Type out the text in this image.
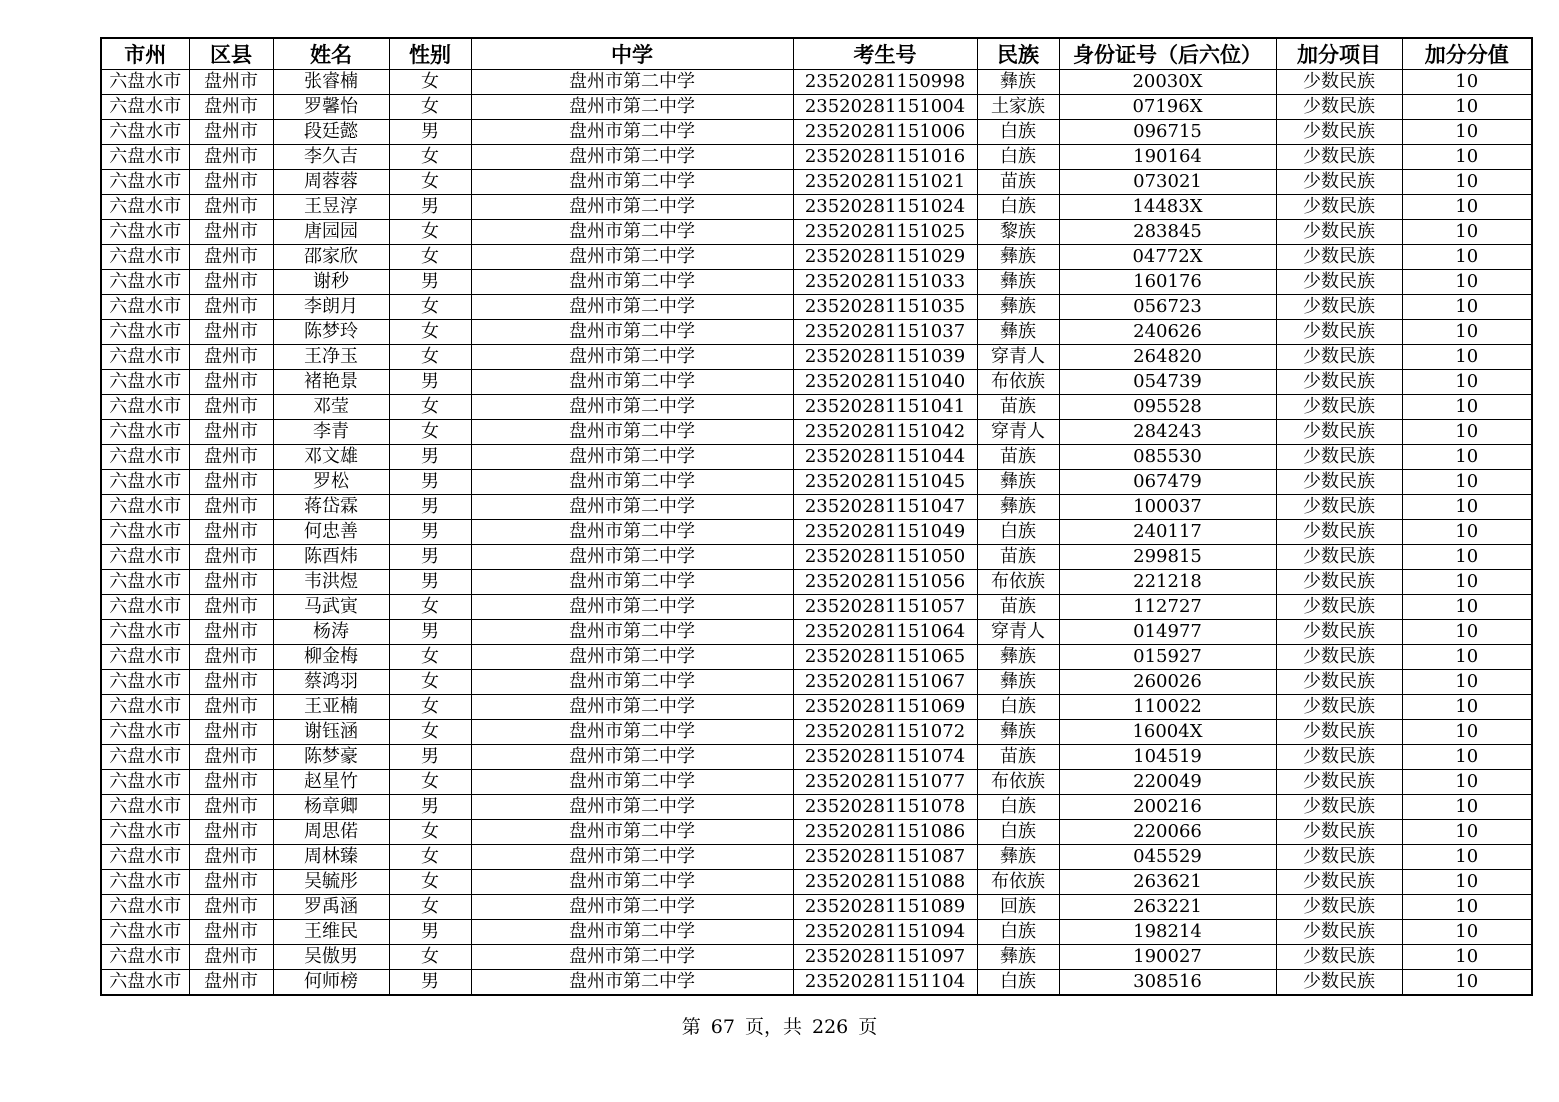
市州	区县	姓名	性别	中学	考生号	民族	身份证号（后六位）	加分项目	加分分值
六盘水市	盘州市	张睿楠	女	盘州市第二中学	23520281150998	彝族	20030X	少数民族	10
六盘水市	盘州市	罗馨怡	女	盘州市第二中学	23520281151004	土家族	07196X	少数民族	10
六盘水市	盘州市	段廷懿	男	盘州市第二中学	23520281151006	白族	096715	少数民族	10
六盘水市	盘州市	李久吉	女	盘州市第二中学	23520281151016	白族	190164	少数民族	10
六盘水市	盘州市	周蓉蓉	女	盘州市第二中学	23520281151021	苗族	073021	少数民族	10
六盘水市	盘州市	王昱淳	男	盘州市第二中学	23520281151024	白族	14483X	少数民族	10
六盘水市	盘州市	唐园园	女	盘州市第二中学	23520281151025	黎族	283845	少数民族	10
六盘水市	盘州市	邵家欣	女	盘州市第二中学	23520281151029	彝族	04772X	少数民族	10
六盘水市	盘州市	谢秒	男	盘州市第二中学	23520281151033	彝族	160176	少数民族	10
六盘水市	盘州市	李朗月	女	盘州市第二中学	23520281151035	彝族	056723	少数民族	10
六盘水市	盘州市	陈梦玲	女	盘州市第二中学	23520281151037	彝族	240626	少数民族	10
六盘水市	盘州市	王净玉	女	盘州市第二中学	23520281151039	穿青人	264820	少数民族	10
六盘水市	盘州市	褚艳景	男	盘州市第二中学	23520281151040	布依族	054739	少数民族	10
六盘水市	盘州市	邓莹	女	盘州市第二中学	23520281151041	苗族	095528	少数民族	10
六盘水市	盘州市	李青	女	盘州市第二中学	23520281151042	穿青人	284243	少数民族	10
六盘水市	盘州市	邓文雄	男	盘州市第二中学	23520281151044	苗族	085530	少数民族	10
六盘水市	盘州市	罗松	男	盘州市第二中学	23520281151045	彝族	067479	少数民族	10
六盘水市	盘州市	蒋岱霖	男	盘州市第二中学	23520281151047	彝族	100037	少数民族	10
六盘水市	盘州市	何忠善	男	盘州市第二中学	23520281151049	白族	240117	少数民族	10
六盘水市	盘州市	陈酉炜	男	盘州市第二中学	23520281151050	苗族	299815	少数民族	10
六盘水市	盘州市	韦洪煜	男	盘州市第二中学	23520281151056	布依族	221218	少数民族	10
六盘水市	盘州市	马武寅	女	盘州市第二中学	23520281151057	苗族	112727	少数民族	10
六盘水市	盘州市	杨涛	男	盘州市第二中学	23520281151064	穿青人	014977	少数民族	10
六盘水市	盘州市	柳金梅	女	盘州市第二中学	23520281151065	彝族	015927	少数民族	10
六盘水市	盘州市	蔡鸿羽	女	盘州市第二中学	23520281151067	彝族	260026	少数民族	10
六盘水市	盘州市	王亚楠	女	盘州市第二中学	23520281151069	白族	110022	少数民族	10
六盘水市	盘州市	谢钰涵	女	盘州市第二中学	23520281151072	彝族	16004X	少数民族	10
六盘水市	盘州市	陈梦豪	男	盘州市第二中学	23520281151074	苗族	104519	少数民族	10
六盘水市	盘州市	赵星竹	女	盘州市第二中学	23520281151077	布依族	220049	少数民族	10
六盘水市	盘州市	杨章卿	男	盘州市第二中学	23520281151078	白族	200216	少数民族	10
六盘水市	盘州市	周思偌	女	盘州市第二中学	23520281151086	白族	220066	少数民族	10
六盘水市	盘州市	周林臻	女	盘州市第二中学	23520281151087	彝族	045529	少数民族	10
六盘水市	盘州市	吴毓彤	女	盘州市第二中学	23520281151088	布依族	263621	少数民族	10
六盘水市	盘州市	罗禹涵	女	盘州市第二中学	23520281151089	回族	263221	少数民族	10
六盘水市	盘州市	王维民	男	盘州市第二中学	23520281151094	白族	198214	少数民族	10
六盘水市	盘州市	吴傲男	女	盘州市第二中学	23520281151097	彝族	190027	少数民族	10
六盘水市	盘州市	何师榜	男	盘州市第二中学	23520281151104	白族	308516	少数民族	10
第 67 页，共 226 页
